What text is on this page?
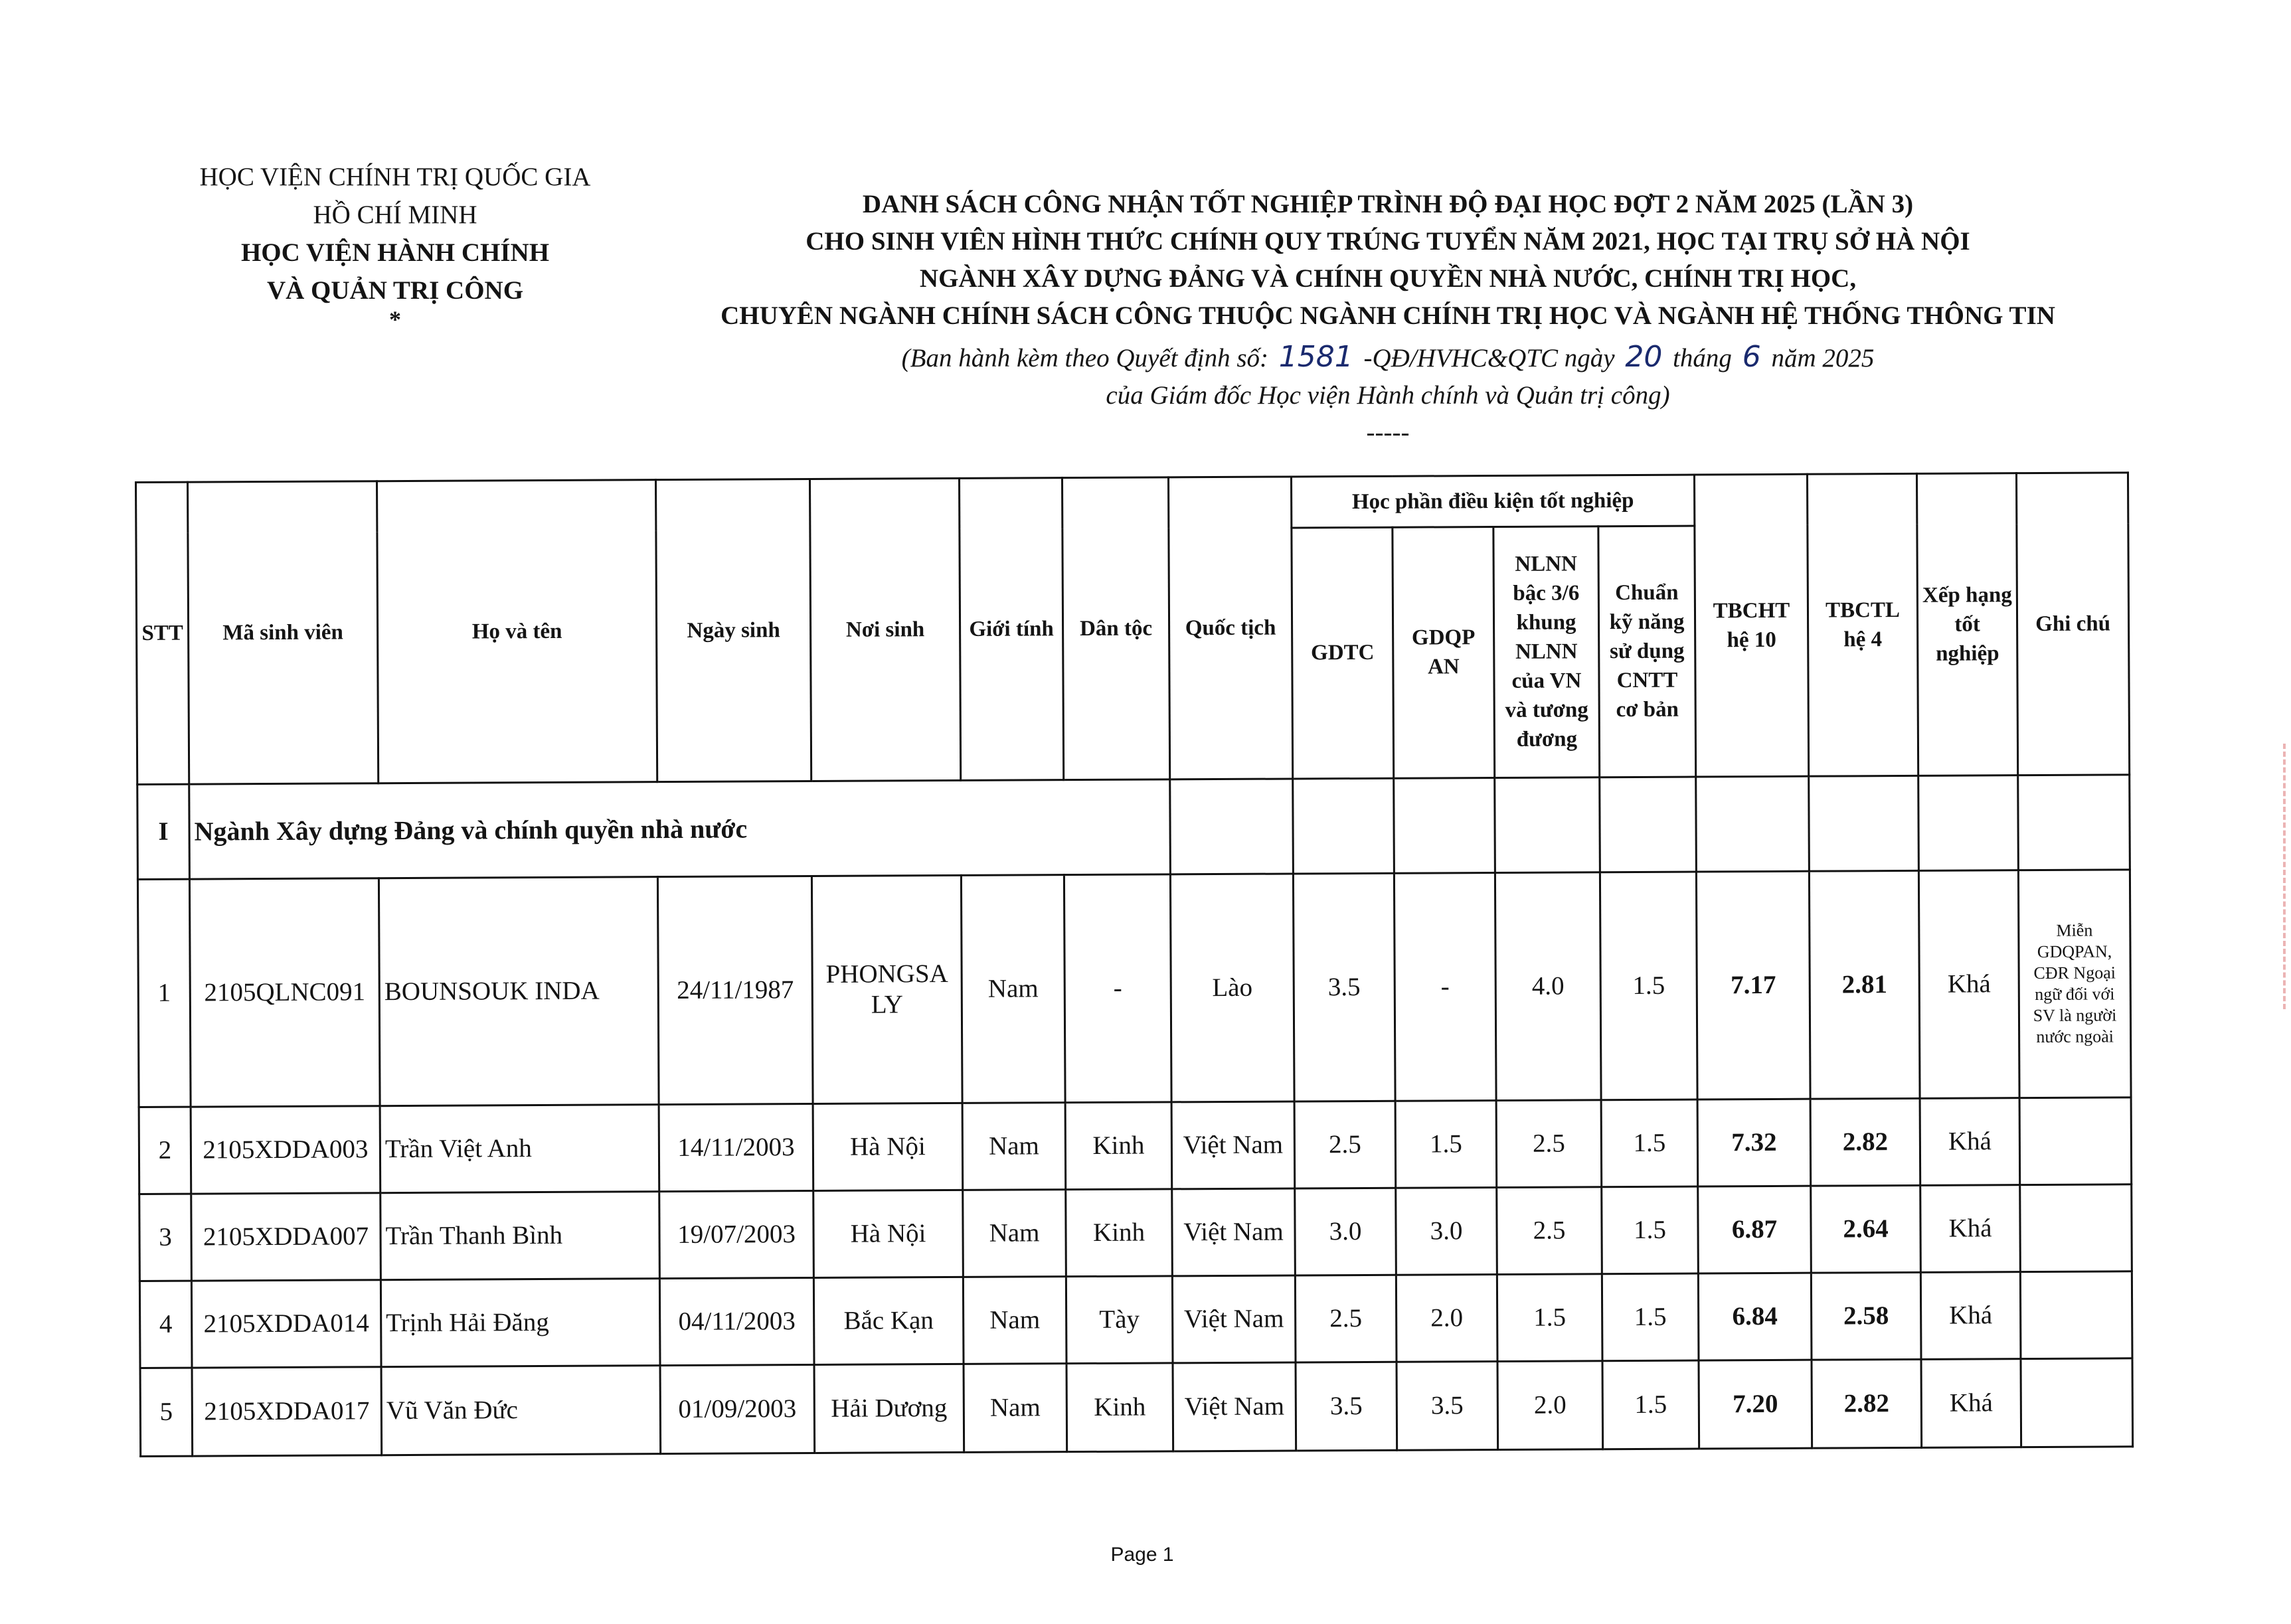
HỌC VIỆN CHÍNH TRỊ QUỐC GIA
HỒ CHÍ MINH
HỌC VIỆN HÀNH CHÍNH
VÀ QUẢN TRỊ CÔNG
*
DANH SÁCH CÔNG NHẬN TỐT NGHIỆP TRÌNH ĐỘ ĐẠI HỌC ĐỢT 2 NĂM 2025 (LẦN 3)
CHO SINH VIÊN HÌNH THỨC CHÍNH QUY TRÚNG TUYỂN NĂM 2021, HỌC TẠI TRỤ SỞ HÀ NỘI
NGÀNH XÂY DỰNG ĐẢNG VÀ CHÍNH QUYỀN NHÀ NƯỚC, CHÍNH TRỊ HỌC,
CHUYÊN NGÀNH CHÍNH SÁCH CÔNG THUỘC NGÀNH CHÍNH TRỊ HỌC VÀ NGÀNH HỆ THỐNG THÔNG TIN
(Ban hành kèm theo Quyết định số: 1581 -QĐ/HVHC&QTC ngày 20 tháng 6 năm 2025
của Giám đốc Học viện Hành chính và Quản trị công)
-----
STT	Mã sinh viên	Họ và tên	Ngày sinh	Nơi sinh	Giới tính	Dân tộc	Quốc tịch	Học phần điều kiện tốt nghiệp				TBCHT hệ 10	TBCTL hệ 4	Xếp hạng tốt nghiệp	Ghi chú
								GDTC	GDQP AN	NLNN bậc 3/6 khung NLNN của VN và tương đương	Chuẩn kỹ năng sử dụng CNTT cơ bản				
I	Ngành Xây dựng Đảng và chính quyền nhà nước														
1	2105QLNC091	BOUNSOUK INDA	24/11/1987	PHONGSA LY	Nam	-	Lào	3.5	-	4.0	1.5	7.17	2.81	Khá	Miễn GDQPAN, CĐR Ngoại ngữ đối với SV là người nước ngoài
2	2105XDDA003	Trần Việt Anh	14/11/2003	Hà Nội	Nam	Kinh	Việt Nam	2.5	1.5	2.5	1.5	7.32	2.82	Khá	
3	2105XDDA007	Trần Thanh Bình	19/07/2003	Hà Nội	Nam	Kinh	Việt Nam	3.0	3.0	2.5	1.5	6.87	2.64	Khá	
4	2105XDDA014	Trịnh Hải Đăng	04/11/2003	Bắc Kạn	Nam	Tày	Việt Nam	2.5	2.0	1.5	1.5	6.84	2.58	Khá	
5	2105XDDA017	Vũ Văn Đức	01/09/2003	Hải Dương	Nam	Kinh	Việt Nam	3.5	3.5	2.0	1.5	7.20	2.82	Khá	
Page 1
